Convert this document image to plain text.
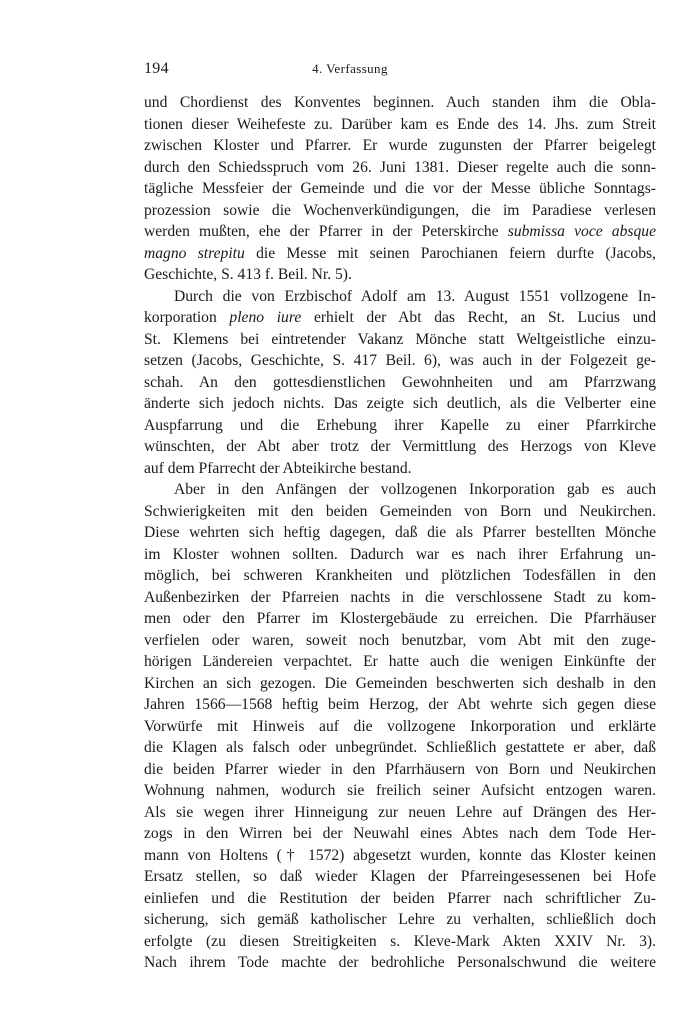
194	4. Verfassung
und Chordienst des Konventes beginnen. Auch standen ihm die Obla-
tionen dieser Weihefeste zu. Darüber kam es Ende des 14. Jhs. zum Streit
zwischen Kloster und Pfarrer. Er wurde zugunsten der Pfarrer beigelegt
durch den Schiedsspruch vom 26. Juni 1381. Dieser regelte auch die sonn-
tägliche Messfeier der Gemeinde und die vor der Messe übliche Sonntags-
prozession sowie die Wochenverkündigungen, die im Paradiese verlesen
werden mußten, ehe der Pfarrer in der Peterskirche submissa voce absque
magno strepitu die Messe mit seinen Parochianen feiern durfte (Jacobs,
Geschichte, S. 413 f. Beil. Nr. 5).
Durch die von Erzbischof Adolf am 13. August 1551 vollzogene In-
korporation pleno iure erhielt der Abt das Recht, an St. Lucius und
St. Klemens bei eintretender Vakanz Mönche statt Weltgeistliche einzu-
setzen (Jacobs, Geschichte, S. 417 Beil. 6), was auch in der Folgezeit ge-
schah. An den gottesdienstlichen Gewohnheiten und am Pfarrzwang
änderte sich jedoch nichts. Das zeigte sich deutlich, als die Velberter eine
Auspfarrung und die Erhebung ihrer Kapelle zu einer Pfarrkirche
wünschten, der Abt aber trotz der Vermittlung des Herzogs von Kleve
auf dem Pfarrecht der Abteikirche bestand.
Aber in den Anfängen der vollzogenen Inkorporation gab es auch
Schwierigkeiten mit den beiden Gemeinden von Born und Neukirchen.
Diese wehrten sich heftig dagegen, daß die als Pfarrer bestellten Mönche
im Kloster wohnen sollten. Dadurch war es nach ihrer Erfahrung un-
möglich, bei schweren Krankheiten und plötzlichen Todesfällen in den
Außenbezirken der Pfarreien nachts in die verschlossene Stadt zu kom-
men oder den Pfarrer im Klostergebäude zu erreichen. Die Pfarrhäuser
verfielen oder waren, soweit noch benutzbar, vom Abt mit den zuge-
hörigen Ländereien verpachtet. Er hatte auch die wenigen Einkünfte der
Kirchen an sich gezogen. Die Gemeinden beschwerten sich deshalb in den
Jahren 1566—1568 heftig beim Herzog, der Abt wehrte sich gegen diese
Vorwürfe mit Hinweis auf die vollzogene Inkorporation und erklärte
die Klagen als falsch oder unbegründet. Schließlich gestattete er aber, daß
die beiden Pfarrer wieder in den Pfarrhäusern von Born und Neukirchen
Wohnung nahmen, wodurch sie freilich seiner Aufsicht entzogen waren.
Als sie wegen ihrer Hinneigung zur neuen Lehre auf Drängen des Her-
zogs in den Wirren bei der Neuwahl eines Abtes nach dem Tode Her-
mann von Holtens († 1572) abgesetzt wurden, konnte das Kloster keinen
Ersatz stellen, so daß wieder Klagen der Pfarreingesessenen bei Hofe
einliefen und die Restitution der beiden Pfarrer nach schriftlicher Zu-
sicherung, sich gemäß katholischer Lehre zu verhalten, schließlich doch
erfolgte (zu diesen Streitigkeiten s. Kleve-Mark Akten XXIV Nr. 3).
Nach ihrem Tode machte der bedrohliche Personalschwund die weitere
